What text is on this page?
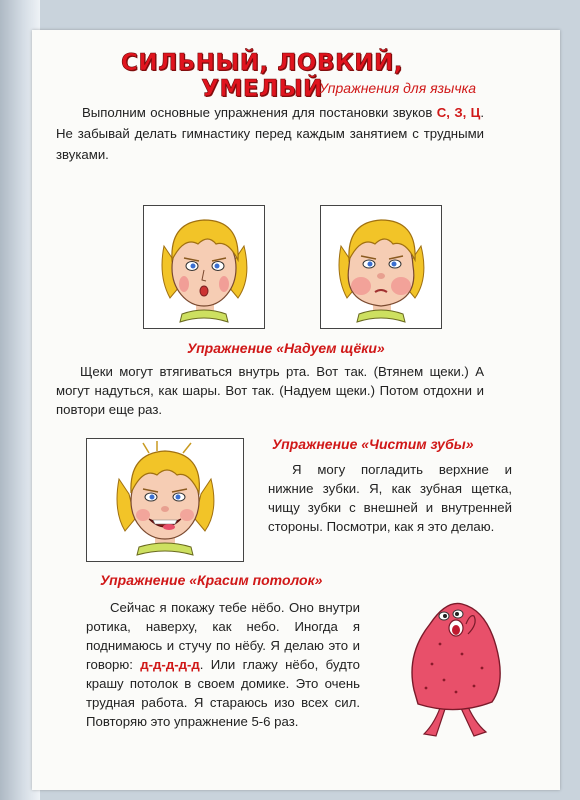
СИЛЬНЫЙ, ЛОВКИЙ, УМЕЛЫЙ
Упражнения для язычка

Выполним основные упражнения для постановки звуков С, З, Ц. Не забывай делать гимнастику перед каждым занятием с трудными звуками.

Упражнение «Надуем щёки»

Щеки могут втягиваться внутрь рта. Вот так. (Втянем щеки.) А могут надуться, как шары. Вот так. (Надуем щеки.) Потом отдохни и повтори еще раз.

Упражнение «Чистим зубы»

Я могу погладить верхние и нижние зубки. Я, как зубная щетка, чищу зубки с внешней и внутренней стороны. Посмотри, как я это делаю.

Упражнение «Красим потолок»

Сейчас я покажу тебе нёбо. Оно внутри ротика, наверху, как небо. Иногда я поднимаюсь и стучу по нёбу. Я делаю это и говорю: д-д-д-д-д. Или глажу нёбо, будто крашу потолок в своем домике. Это очень трудная работа. Я стараюсь изо всех сил. Повторяю это упражнение 5-6 раз.
